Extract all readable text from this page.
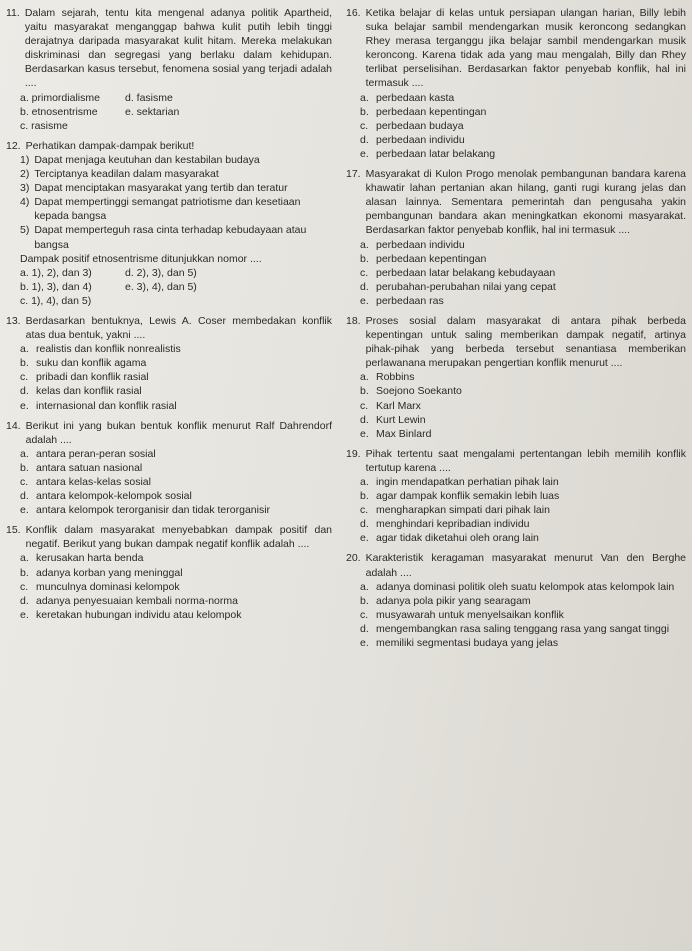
11. Dalam sejarah, tentu kita mengenal adanya politik Apartheid, yaitu masyarakat menganggap bahwa kulit putih lebih tinggi derajatnya daripada masyarakat kulit hitam. Mereka melakukan diskriminasi dan segregasi yang berlaku dalam kehidupan. Berdasarkan kasus tersebut, fenomena sosial yang terjadi adalah ....
a. primordialisme	d. fasisme
b. etnosentrisme	e. sektarian
c. rasisme
12. Perhatikan dampak-dampak berikut!
1) Dapat menjaga keutuhan dan kestabilan budaya
2) Terciptanya keadilan dalam masyarakat
3) Dapat menciptakan masyarakat yang tertib dan teratur
4) Dapat mempertinggi semangat patriotisme dan kesetiaan kepada bangsa
5) Dapat memperteguh rasa cinta terhadap kebudayaan atau bangsa
Dampak positif etnosentrisme ditunjukkan nomor ....
a. 1), 2), dan 3)	d. 2), 3), dan 5)
b. 1), 3), dan 4)	e. 3), 4), dan 5)
c. 1), 4), dan 5)
13. Berdasarkan bentuknya, Lewis A. Coser membedakan konflik atas dua bentuk, yakni ....
a. realistis dan konflik nonrealistis
b. suku dan konflik agama
c. pribadi dan konflik rasial
d. kelas dan konflik rasial
e. internasional dan konflik rasial
14. Berikut ini yang bukan bentuk konflik menurut Ralf Dahrendorf adalah ....
a. antara peran-peran sosial
b. antara satuan nasional
c. antara kelas-kelas sosial
d. antara kelompok-kelompok sosial
e. antara kelompok terorganisir dan tidak terorganisir
15. Konflik dalam masyarakat menyebabkan dampak positif dan negatif. Berikut yang bukan dampak negatif konflik adalah ....
a. kerusakan harta benda
b. adanya korban yang meninggal
c. munculnya dominasi kelompok
d. adanya penyesuaian kembali norma-norma
e. keretakan hubungan individu atau kelompok
16. Ketika belajar di kelas untuk persiapan ulangan harian, Billy lebih suka belajar sambil mendengarkan musik keroncong sedangkan Rhey merasa terganggu jika belajar sambil mendengarkan musik keroncong. Karena tidak ada yang mau mengalah, Billy dan Rhey terlibat perselisihan. Berdasarkan faktor penyebab konflik, hal ini termasuk ....
a. perbedaan kasta
b. perbedaan kepentingan
c. perbedaan budaya
d. perbedaan individu
e. perbedaan latar belakang
17. Masyarakat di Kulon Progo menolak pembangunan bandara karena khawatir lahan pertanian akan hilang, ganti rugi kurang jelas dan alasan lainnya. Sementara pemerintah dan pengusaha yakin pembangunan bandara akan meningkatkan ekonomi masyarakat. Berdasarkan faktor penyebab konflik, hal ini termasuk ....
a. perbedaan individu
b. perbedaan kepentingan
c. perbedaan latar belakang kebudayaan
d. perubahan-perubahan nilai yang cepat
e. perbedaan ras
18. Proses sosial dalam masyarakat di antara pihak berbeda kepentingan untuk saling memberikan dampak negatif, artinya pihak-pihak yang berbeda tersebut senantiasa memberikan perlawanana merupakan pengertian konflik menurut ....
a. Robbins
b. Soejono Soekanto
c. Karl Marx
d. Kurt Lewin
e. Max Binlard
19. Pihak tertentu saat mengalami pertentangan lebih memilih konflik tertutup karena ....
a. ingin mendapatkan perhatian pihak lain
b. agar dampak konflik semakin lebih luas
c. mengharapkan simpati dari pihak lain
d. menghindari kepribadian individu
e. agar tidak diketahui oleh orang lain
20. Karakteristik keragaman masyarakat menurut Van den Berghe adalah ....
a. adanya dominasi politik oleh suatu kelompok atas kelompok lain
b. adanya pola pikir yang searagam
c. musyawarah untuk menyelsaikan konflik
d. mengembangkan rasa saling tenggang rasa yang sangat tinggi
e. memiliki segmentasi budaya yang jelas
